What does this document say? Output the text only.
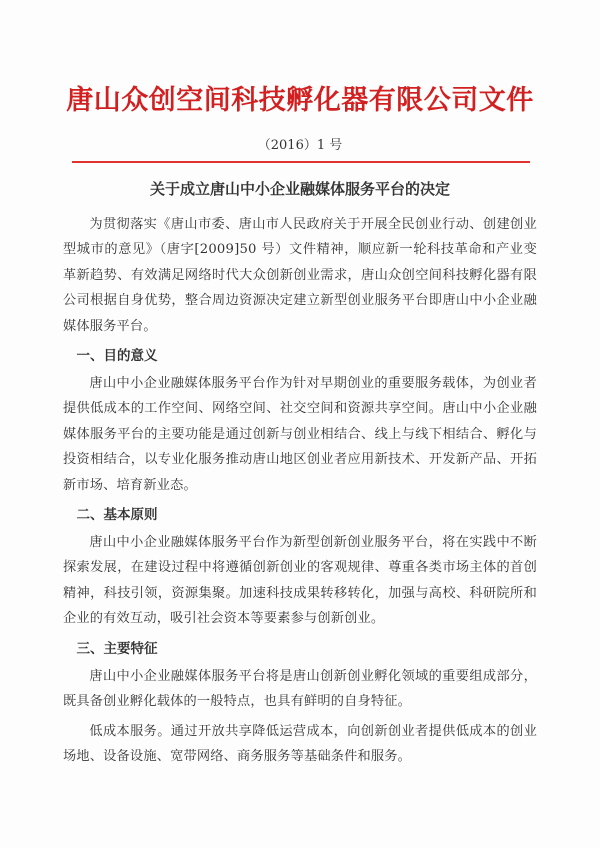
唐山众创空间科技孵化器有限公司文件
（2016）1 号
关于成立唐山中小企业融媒体服务平台的决定

为贯彻落实《唐山市委、唐山市人民政府关于开展全民创业行动、创建创业型城市的意见》（唐字[2009]50 号）文件精神，顺应新一轮科技革命和产业变革新趋势、有效满足网络时代大众创新创业需求，唐山众创空间科技孵化器有限公司根据自身优势，整合周边资源决定建立新型创业服务平台即唐山中小企业融媒体服务平台。

一、目的意义

唐山中小企业融媒体服务平台作为针对早期创业的重要服务载体，为创业者提供低成本的工作空间、网络空间、社交空间和资源共享空间。唐山中小企业融媒体服务平台的主要功能是通过创新与创业相结合、线上与线下相结合、孵化与投资相结合，以专业化服务推动唐山地区创业者应用新技术、开发新产品、开拓新市场、培育新业态。

二、基本原则

唐山中小企业融媒体服务平台作为新型创新创业服务平台，将在实践中不断探索发展，在建设过程中将遵循创新创业的客观规律、尊重各类市场主体的首创精神，科技引领，资源集聚。加速科技成果转移转化，加强与高校、科研院所和企业的有效互动，吸引社会资本等要素参与创新创业。

三、主要特征

唐山中小企业融媒体服务平台将是唐山创新创业孵化领域的重要组成部分，既具备创业孵化载体的一般特点，也具有鲜明的自身特征。

低成本服务。通过开放共享降低运营成本，向创新创业者提供低成本的创业场地、设备设施、宽带网络、商务服务等基础条件和服务。
